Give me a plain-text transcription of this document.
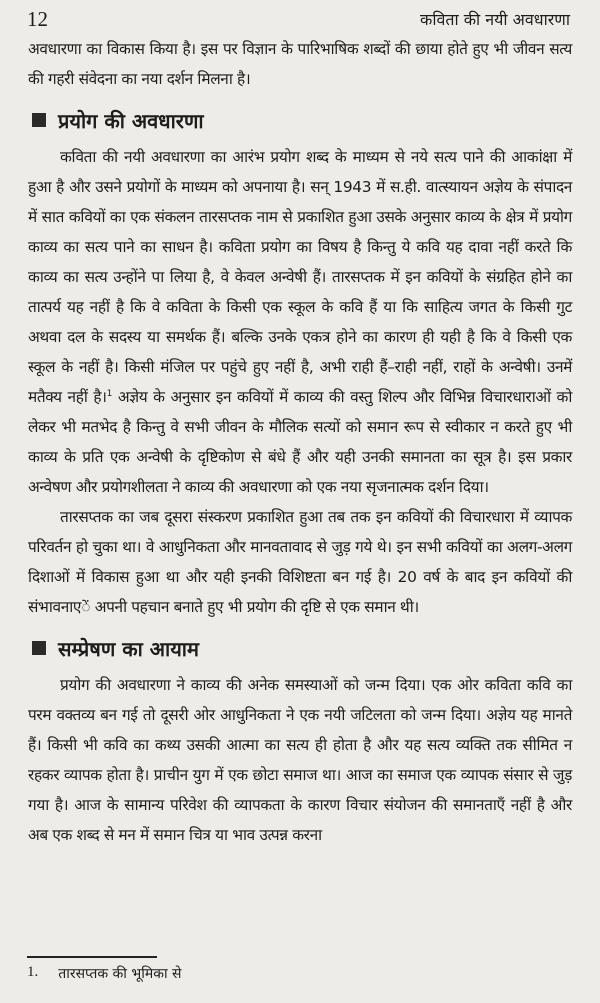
12	कविता की नयी अवधारणा

अवधारणा का विकास किया है। इस पर विज्ञान के पारिभाषिक शब्दों की छाया होते हुए भी जीवन सत्य की गहरी संवेदना का नया दर्शन मिलना है।

प्रयोग की अवधारणा

कविता की नयी अवधारणा का आरंभ प्रयोग शब्द के माध्यम से नये सत्य पाने की आकांक्षा में हुआ है और उसने प्रयोगों के माध्यम को अपनाया है। सन् 1943 में स.ही. वात्स्यायन अज्ञेय के संपादन में सात कवियों का एक संकलन तारसप्तक नाम से प्रकाशित हुआ उसके अनुसार काव्य के क्षेत्र में प्रयोग काव्य का सत्य पाने का साधन है। कविता प्रयोग का विषय है किन्तु ये कवि यह दावा नहीं करते कि काव्य का सत्य उन्होंने पा लिया है, वे केवल अन्वेषी हैं। तारसप्तक में इन कवियों के संग्रहित होने का तात्पर्य यह नहीं है कि वे कविता के किसी एक स्कूल के कवि हैं या कि साहित्य जगत के किसी गुट अथवा दल के सदस्य या समर्थक हैं। बल्कि उनके एकत्र होने का कारण ही यही है कि वे किसी एक स्कूल के नहीं है। किसी मंजिल पर पहुंचे हुए नहीं है, अभी राही हैं–राही नहीं, राहों के अन्वेषी। उनमें मतैक्य नहीं है।$^1$ अज्ञेय के अनुसार इन कवियों में काव्य की वस्तु शिल्प और विभिन्न विचारधाराओं को लेकर भी मतभेद है किन्तु वे सभी जीवन के मौलिक सत्यों को समान रूप से स्वीकार न करते हुए भी काव्य के प्रति एक अन्वेषी के दृष्टिकोण से बंधे हैं और यही उनकी समानता का सूत्र है। इस प्रकार अन्वेषण और प्रयोगशीलता ने काव्य की अवधारणा को एक नया सृजनात्मक दर्शन दिया।

तारसप्तक का जब दूसरा संस्करण प्रकाशित हुआ तब तक इन कवियों की विचारधारा में व्यापक परिवर्तन हो चुका था। वे आधुनिकता और मानवतावाद से जुड़ गये थे। इन सभी कवियों का अलग-अलग दिशाओं में विकास हुआ था और यही इनकी विशिष्टता बन गई है। 20 वर्ष के बाद इन कवियों की संभावनाएें अपनी पहचान बनाते हुए भी प्रयोग की दृष्टि से एक समान थी।

सम्प्रेषण का आयाम

प्रयोग की अवधारणा ने काव्य की अनेक समस्याओं को जन्म दिया। एक ओर कविता कवि का परम वक्तव्य बन गई तो दूसरी ओर आधुनिकता ने एक नयी जटिलता को जन्म दिया। अज्ञेय यह मानते हैं। किसी भी कवि का कथ्य उसकी आत्मा का सत्य ही होता है और यह सत्य व्यक्ति तक सीमित न रहकर व्यापक होता है। प्राचीन युग में एक छोटा समाज था। आज का समाज एक व्यापक संसार से जुड़ गया है। आज के सामान्य परिवेश की व्यापकता के कारण विचार संयोजन की समानताएँ नहीं है और अब एक शब्द से मन में समान चित्र या भाव उत्पन्न करना

1. तारसप्तक की भूमिका से
